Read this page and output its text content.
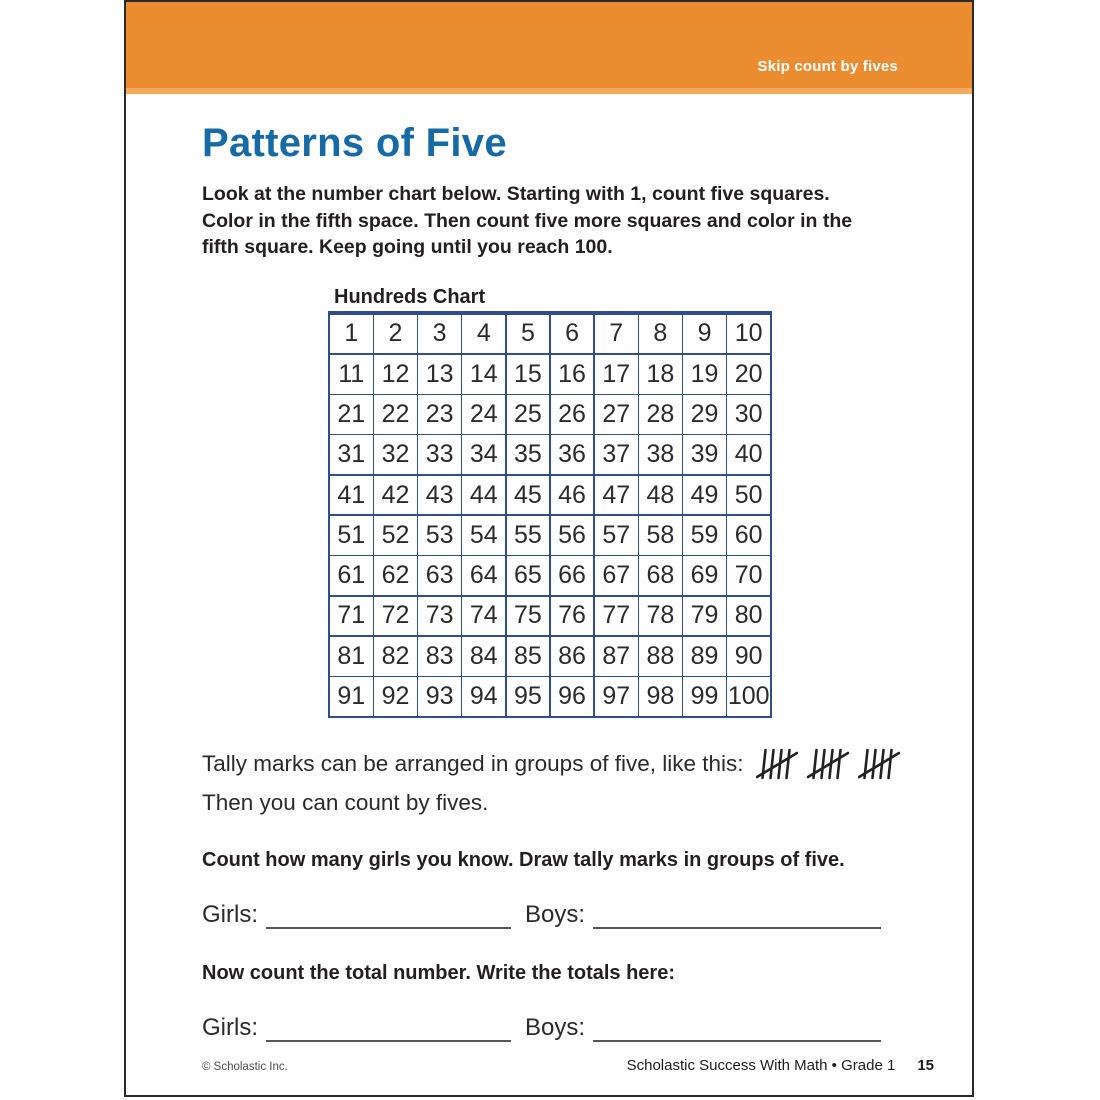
Skip count by fives
Patterns of Five
Look at the number chart below. Starting with 1, count five squares.
Color in the fifth space. Then count five more squares and color in the
fifth square. Keep going until you reach 100.
Hundreds Chart
1	2	3	4	5	6	7	8	9 10
11 12 13 14 15 16 17 18 19 20
21 22 23 24 25 26 27 28 29 30
31 32 33 34 35 36 37 38 39 40
41 42 43 44 45 46 47 48 49 50
51 52 53 54 55 56 57 58 59 60
61 62 63 64 65 66 67 68 69 70
71 72 73 74 75 76 77 78 79 80
81 82 83 84 85 86 87 88 89 90
91 92 93 94 95 96 97 98 99 100
Tally marks can be arranged in groups of five, like this:
Then you can count by fives.
Count how many girls you know. Draw tally marks in groups of five.
Girls:	Boys:
Now count the total number. Write the totals here:
Girls:	Boys:
© Scholastic Inc.	Scholastic Success With Math • Grade 1 15
